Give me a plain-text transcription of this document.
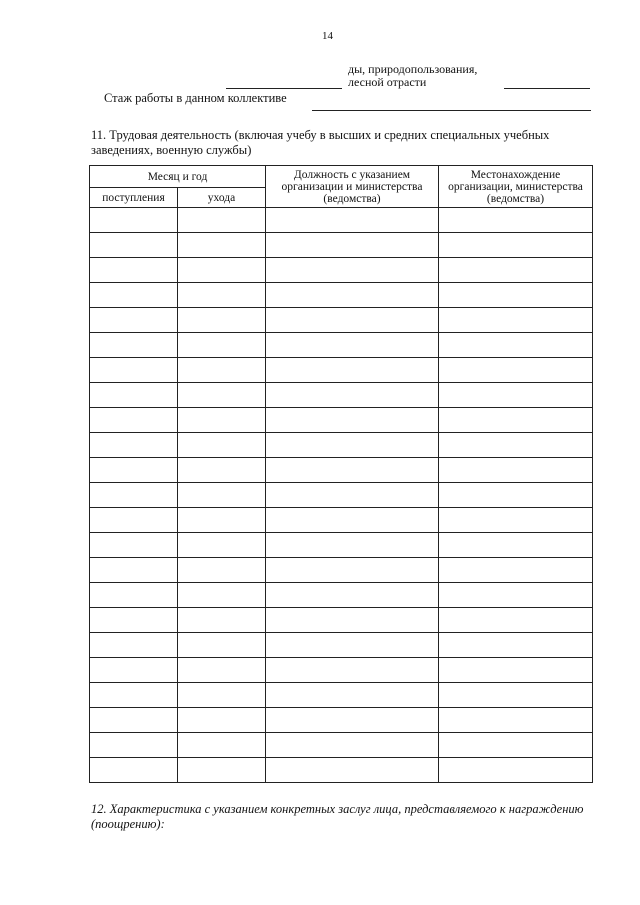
14
ды, природопользования,
лесной отрасти
Стаж работы в данном коллективе
11. Трудовая деятельность (включая учебу в высших и средних специальных учебных заведениях, военную службы)
Месяц и год		Должность с указанием организации и министерства (ведомства)	Местонахождение организации, министерства (ведомства)
поступления	ухода		

12. Характеристика с указанием конкретных заслуг лица, представляемого к награждению (поощрению):
